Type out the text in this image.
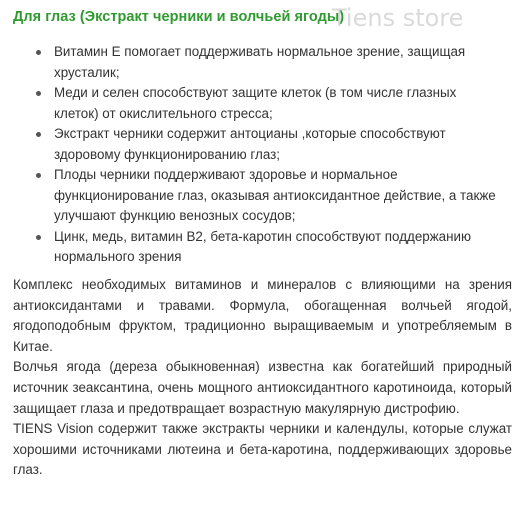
Для глаз (Экстракт черники и волчьей ягоды)
Tiens store
Витамин E помогает поддерживать нормальное зрение, защищая хрусталик;
Меди и селен способствуют защите клеток (в том числе глазных клеток) от окислительного стресса;
Экстракт черники содержит антоцианы ,которые способствуют здоровому функционированию глаз;
Плоды черники поддерживают здоровье и нормальное функционирование глаз, оказывая антиоксидантное действие, а также улучшают функцию венозных сосудов;
Цинк, медь, витамин B2, бета-каротин способствуют поддержанию нормального зрения

Комплекс необходимых витаминов и минералов с влияющими на зрения антиоксидантами и травами. Формула, обогащенная волчьей ягодой, ягодоподобным фруктом, традиционно выращиваемым и употребляемым в Китае.

Волчья ягода (дереза обыкновенная) известна как богатейший природный источник зеаксантина, очень мощного антиоксидантного каротиноида, который защищает глаза и предотвращает возрастную макулярную дистрофию.

TIENS Vision содержит также экстракты черники и календулы, которые служат хорошими источниками лютеина и бета-каротина, поддерживающих здоровье глаз.
